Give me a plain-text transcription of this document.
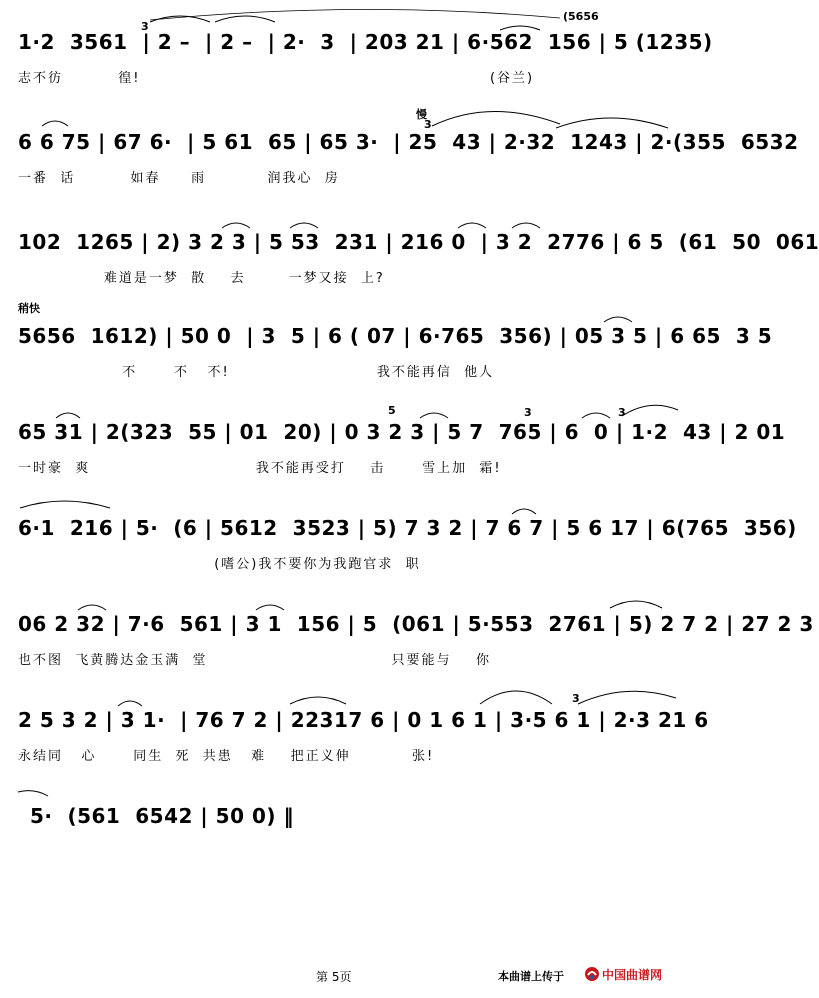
1·2  3561  | 2 –  | 2 –  | 2·  3  | 203 21 | 6·562  156 | 5 (1235)
志不彷         徨!                                                         (谷兰)
3
(5656
6 6 75 | 67 6·  | 5 61  65 | 65 3·  | 25  43 | 2·32  1243 | 2·(355  6532
一番  话         如春     雨          润我心  房
慢
3
102  1265 | 2) 3 2 3 | 5 53  231 | 216 0  | 3 2  2776 | 6 5  (61  50  061
难道是一梦  散    去       一梦又接  上?
5656  1612) | 50 0  | 3  5 | 6 ( 07 | 6·765  356) | 05 3 5 | 6 65  3 5
不      不   不!                        我不能再信  他人
稍快
65 31 | 2(323  55 | 01  20) | 0 3 2 3 | 5 7  765 | 6  0 | 1·2  43 | 2 01
一时豪  爽                           我不能再受打    击      雪上加  霜!
5	3	3
6·1  216 | 5·  (6 | 5612  3523 | 5) 7 3 2 | 7 6 7 | 5 6 17 | 6(765  356)
(嗜公)我不要你为我跑官求  职
06 2 32 | 7·6  561 | 3 1  156 | 5  (061 | 5·553  2761 | 5) 2 7 2 | 27 2 3
也不图  飞黄腾达金玉满  堂                              只要能与    你
2 5 3 2 | 3 1·  | 76 7 2 | 22317 6 | 0 1 6 1 | 3·5 6 1 | 2·3 21 6
永结同   心      同生  死  共患   难    把正义伸          张!
3
5·  (561  6542 | 50 0) ‖
第 5页	本曲谱上传于	中国曲谱网
